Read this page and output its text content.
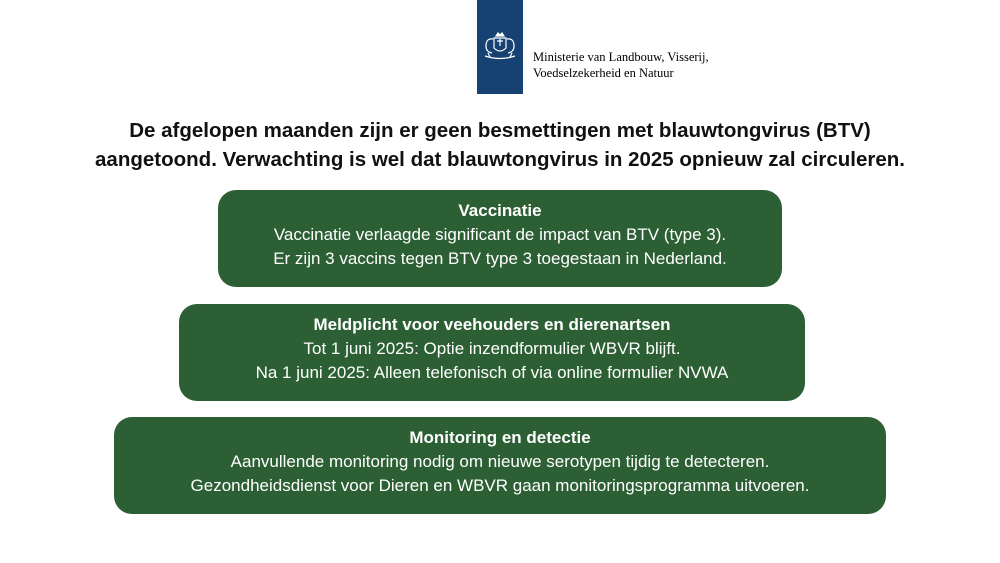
Ministerie van Landbouw, Visserij,
Voedselzekerheid en Natuur
De afgelopen maanden zijn er geen besmettingen met blauwtongvirus (BTV)
aangetoond. Verwachting is wel dat blauwtongvirus in 2025 opnieuw zal circuleren.
Vaccinatie
Vaccinatie verlaagde significant de impact van BTV (type 3).
Er zijn 3 vaccins tegen BTV type 3 toegestaan in Nederland.
Meldplicht voor veehouders en dierenartsen
Tot 1 juni 2025: Optie inzendformulier WBVR blijft.
Na 1 juni 2025: Alleen telefonisch of via online formulier NVWA
Monitoring en detectie
Aanvullende monitoring nodig om nieuwe serotypen tijdig te detecteren.
Gezondheidsdienst voor Dieren en WBVR gaan monitoringsprogramma uitvoeren.
